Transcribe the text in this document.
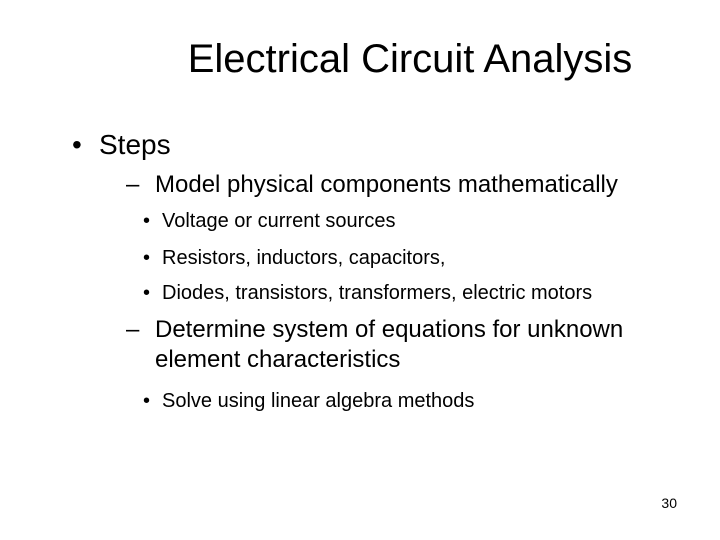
Electrical Circuit Analysis
• Steps
– Model physical components mathematically
• Voltage or current sources
• Resistors, inductors, capacitors,
• Diodes, transistors, transformers, electric motors
– Determine system of equations for unknown
element characteristics
• Solve using linear algebra methods
30
